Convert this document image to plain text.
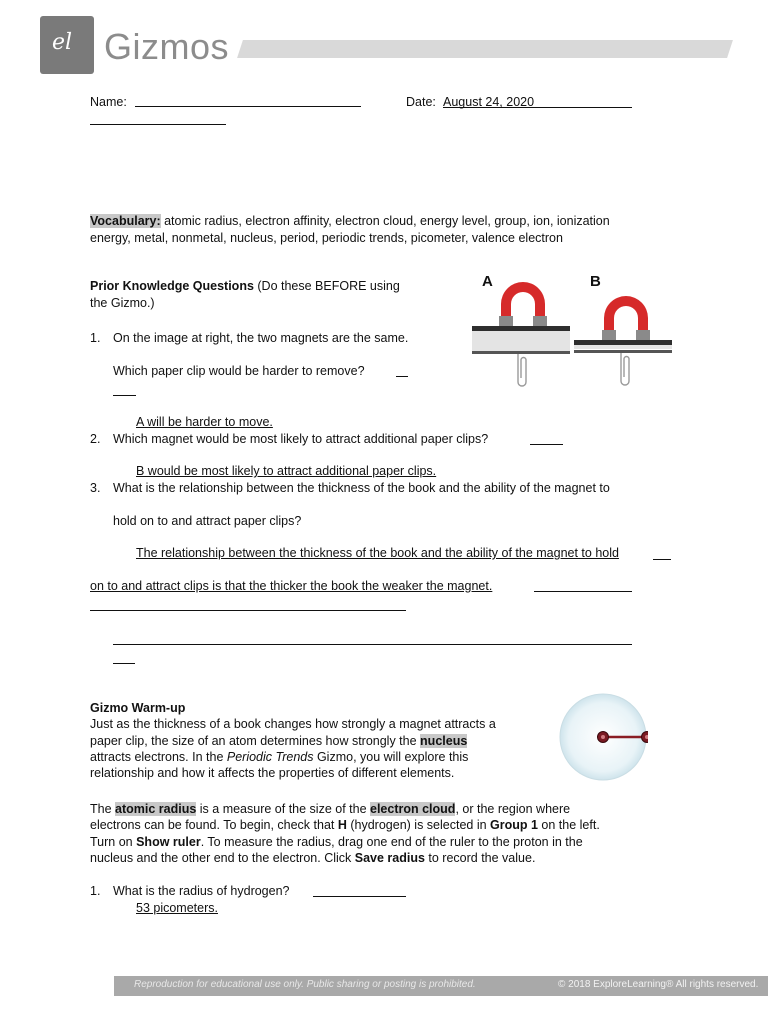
el Gizmos
Name:	Date: August 24, 2020
Vocabulary: atomic radius, electron affinity, electron cloud, energy level, group, ion, ionization
energy, metal, nonmetal, nucleus, period, periodic trends, picometer, valence electron
Prior Knowledge Questions (Do these BEFORE using
the Gizmo.)
A	B
1. On the image at right, the two magnets are the same.
Which paper clip would be harder to remove?
A will be harder to move.
2. Which magnet would be most likely to attract additional paper clips?
B would be most likely to attract additional paper clips.
3. What is the relationship between the thickness of the book and the ability of the magnet to
hold on to and attract paper clips?
The relationship between the thickness of the book and the ability of the magnet to hold
on to and attract clips is that the thicker the book the weaker the magnet.
Gizmo Warm-up
Just as the thickness of a book changes how strongly a magnet attracts a
paper clip, the size of an atom determines how strongly the nucleus
attracts electrons. In the Periodic Trends Gizmo, you will explore this
relationship and how it affects the properties of different elements.
The atomic radius is a measure of the size of the electron cloud, or the region where
electrons can be found. To begin, check that H (hydrogen) is selected in Group 1 on the left.
Turn on Show ruler. To measure the radius, drag one end of the ruler to the proton in the
nucleus and the other end to the electron. Click Save radius to record the value.
1. What is the radius of hydrogen?
53 picometers.
Reproduction for educational use only. Public sharing or posting is prohibited.	© 2018 ExploreLearning® All rights reserved.
